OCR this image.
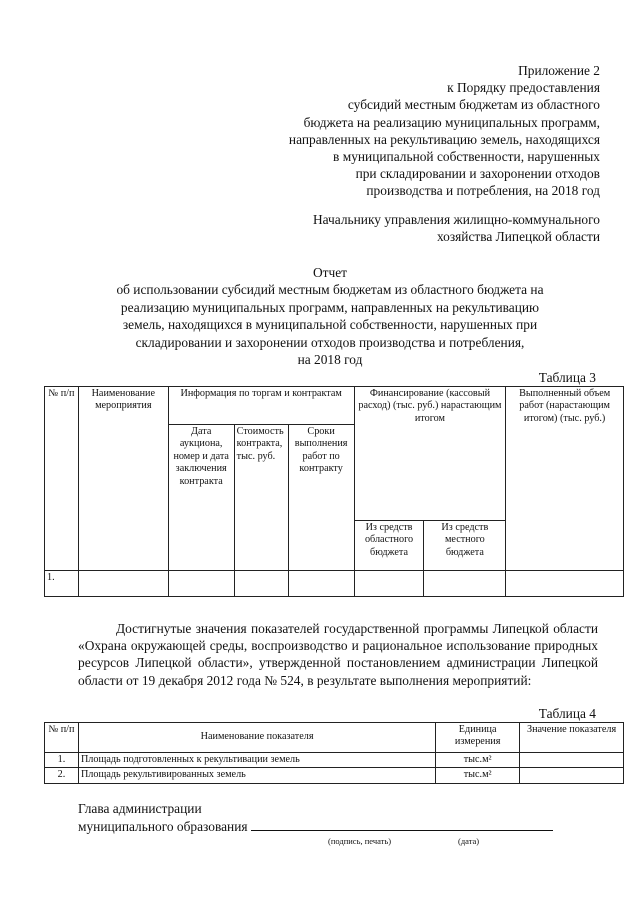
Приложение 2
к Порядку предоставления
субсидий местным бюджетам из областного
бюджета на реализацию муниципальных программ,
направленных на рекультивацию земель, находящихся
в муниципальной собственности, нарушенных
при складировании и захоронении отходов
производства и потребления, на 2018 год
Начальнику управления жилищно-коммунального
хозяйства Липецкой области
Отчет
об использовании субсидий местным бюджетам из областного бюджета на
реализацию муниципальных программ, направленных на рекультивацию
земель, находящихся в муниципальной собственности, нарушенных при
складировании и захоронении отходов производства и потребления,
на 2018 год
Таблица 3
№ п/п	Наименование мероприятия	Информация по торгам и контрактам			Финансирование (кассовый расход) (тыс. руб.) нарастающим итогом		Выполненный объем работ (нарастающим итогом) (тыс. руб.)
		Дата аукциона, номер и дата заключения контракта	Стоимость контракта, тыс. руб.	Сроки выполнения работ по контракту			
					Из средств областного бюджета	Из средств местного бюджета	
1.							
Достигнутые значения показателей государственной программы Липецкой области «Охрана окружающей среды, воспроизводство и рациональное использование природных ресурсов Липецкой области», утвержденной постановлением администрации Липецкой области от 19 декабря 2012 года № 524, в результате выполнения мероприятий:
Таблица 4
№ п/п	Наименование показателя	Единица измерения	Значение показателя
1.	Площадь подготовленных к рекультивации земель	тыс.м²	
2.	Площадь рекультивированных земель	тыс.м²	
Глава администрации
муниципального образования
(подпись, печать)	(дата)
